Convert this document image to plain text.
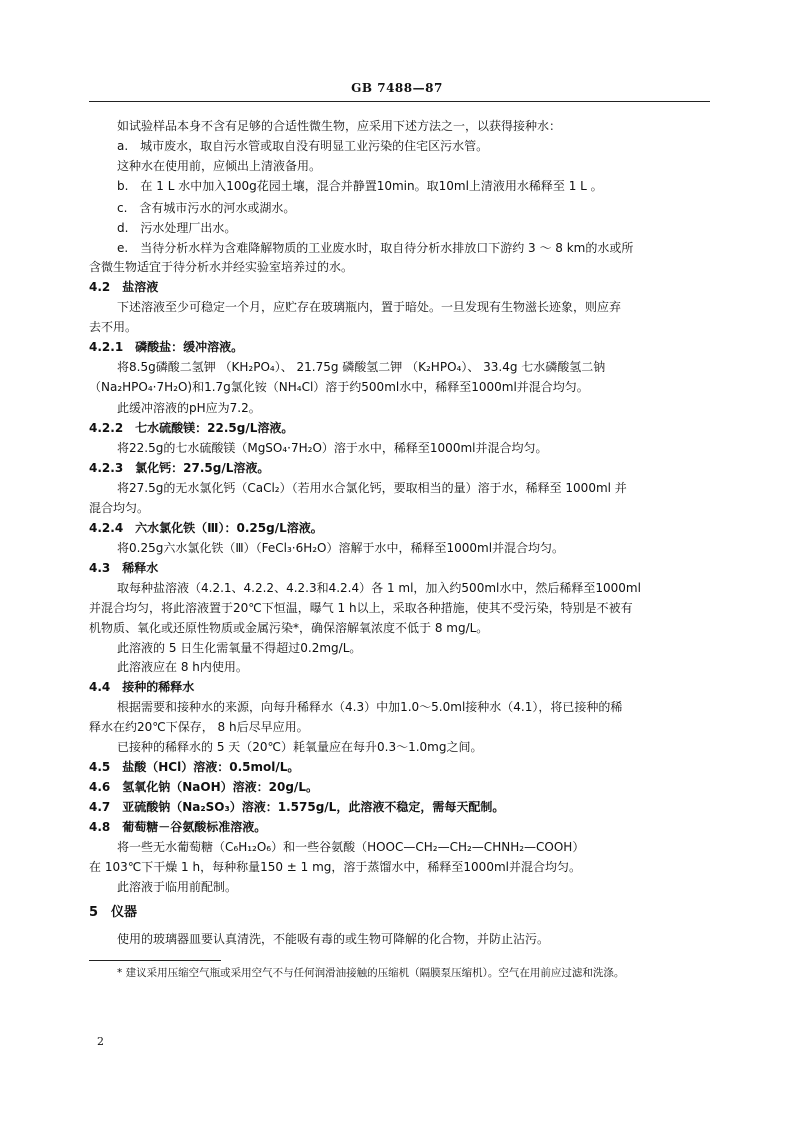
GB 7488—87
如试验样品本身不含有足够的合适性微生物，应采用下述方法之一，以获得接种水：
a.　城市废水，取自污水管或取自没有明显工业污染的住宅区污水管。
这种水在使用前，应倾出上清液备用。
b.　在 1 L 水中加入100g花园土壤，混合并静置10min。取10ml上清液用水稀释至 1 L 。
c.　含有城市污水的河水或湖水。
d.　污水处理厂出水。
e.　当待分析水样为含难降解物质的工业废水时，取自待分析水排放口下游约 3 ～ 8 km的水或所
含微生物适宜于待分析水并经实验室培养过的水。
4.2　盐溶液
下述溶液至少可稳定一个月，应贮存在玻璃瓶内，置于暗处。一旦发现有生物滋长迹象，则应弃
去不用。
4.2.1　磷酸盐：缓冲溶液。
将8.5g磷酸二氢钾 （KH₂PO₄）、 21.75g 磷酸氢二钾 （K₂HPO₄）、 33.4g 七水磷酸氢二钠
（Na₂HPO₄·7H₂O)和1.7g氯化铵（NH₄Cl）溶于约500ml水中，稀释至1000ml并混合均匀。
此缓冲溶液的pH应为7.2。
4.2.2　七水硫酸镁：22.5g/L溶液。
将22.5g的七水硫酸镁（MgSO₄·7H₂O）溶于水中，稀释至1000ml并混合均匀。
4.2.3　氯化钙：27.5g/L溶液。
将27.5g的无水氯化钙（CaCl₂）（若用水合氯化钙，要取相当的量）溶于水，稀释至 1000ml 并
混合均匀。
4.2.4　六水氯化铁（Ⅲ）：0.25g/L溶液。
将0.25g六水氯化铁（Ⅲ）（FeCl₃·6H₂O）溶解于水中，稀释至1000ml并混合均匀。
4.3　稀释水
取每种盐溶液（4.2.1、4.2.2、4.2.3和4.2.4）各 1 ml，加入约500ml水中，然后稀释至1000ml
并混合均匀，将此溶液置于20℃下恒温，曝气 1 h以上，采取各种措施，使其不受污染，特别是不被有
机物质、氧化或还原性物质或金属污染*，确保溶解氧浓度不低于 8 mg/L。
此溶液的 5 日生化需氧量不得超过0.2mg/L。
此溶液应在 8 h内使用。
4.4　接种的稀释水
根据需要和接种水的来源，向每升稀释水（4.3）中加1.0～5.0ml接种水（4.1），将已接种的稀
释水在约20℃下保存， 8 h后尽早应用。
已接种的稀释水的 5 天（20℃）耗氧量应在每升0.3～1.0mg之间。
4.5　盐酸（HCl）溶液：0.5mol/L。
4.6　氢氧化钠（NaOH）溶液：20g/L。
4.7　亚硫酸钠（Na₂SO₃）溶液：1.575g/L，此溶液不稳定，需每天配制。
4.8　葡萄糖－谷氨酸标准溶液。
将一些无水葡萄糖（C₆H₁₂O₆）和一些谷氨酸（HOOC—CH₂—CH₂—CHNH₂—COOH）
在 103℃下干燥 1 h，每种称量150 ± 1 mg，溶于蒸馏水中，稀释至1000ml并混合均匀。
此溶液于临用前配制。
5　仪器
使用的玻璃器皿要认真清洗，不能吸有毒的或生物可降解的化合物，并防止沾污。
* 建议采用压缩空气瓶或采用空气不与任何润滑油接触的压缩机（隔膜泵压缩机）。空气在用前应过滤和洗涤。
2
